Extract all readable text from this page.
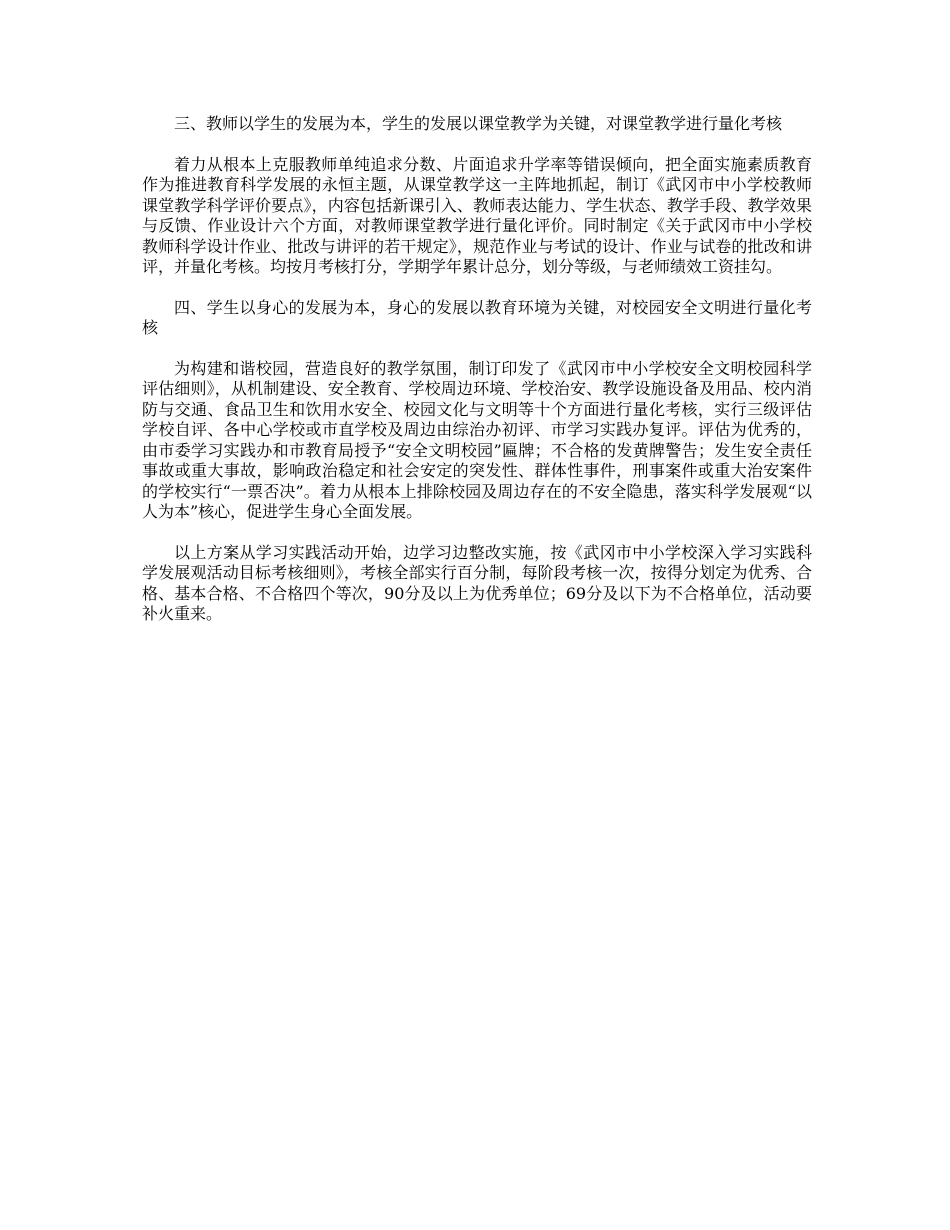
三、教师以学生的发展为本，学生的发展以课堂教学为关键，对课堂教学进行量化考核

着力从根本上克服教师单纯追求分数、片面追求升学率等错误倾向，把全面实施素质教育作为推进教育科学发展的永恒主题，从课堂教学这一主阵地抓起，制订《武冈市中小学校教师课堂教学科学评价要点》，内容包括新课引入、教师表达能力、学生状态、教学手段、教学效果与反馈、作业设计六个方面，对教师课堂教学进行量化评价。同时制定《关于武冈市中小学校教师科学设计作业、批改与讲评的若干规定》，规范作业与考试的设计、作业与试卷的批改和讲评，并量化考核。均按月考核打分，学期学年累计总分，划分等级，与老师绩效工资挂勾。

四、学生以身心的发展为本，身心的发展以教育环境为关键，对校园安全文明进行量化考核

为构建和谐校园，营造良好的教学氛围，制订印发了《武冈市中小学校安全文明校园科学评估细则》，从机制建设、安全教育、学校周边环境、学校治安、教学设施设备及用品、校内消防与交通、食品卫生和饮用水安全、校园文化与文明等十个方面进行量化考核，实行三级评估学校自评、各中心学校或市直学校及周边由综治办初评、市学习实践办复评。评估为优秀的，由市委学习实践办和市教育局授予“安全文明校园”匾牌；不合格的发黄牌警告；发生安全责任事故或重大事故，影响政治稳定和社会安定的突发性、群体性事件，刑事案件或重大治安案件的学校实行“一票否决”。着力从根本上排除校园及周边存在的不安全隐患，落实科学发展观“以人为本”核心，促进学生身心全面发展。

以上方案从学习实践活动开始，边学习边整改实施，按《武冈市中小学校深入学习实践科学发展观活动目标考核细则》，考核全部实行百分制，每阶段考核一次，按得分划定为优秀、合格、基本合格、不合格四个等次，90分及以上为优秀单位；69分及以下为不合格单位，活动要补火重来。
